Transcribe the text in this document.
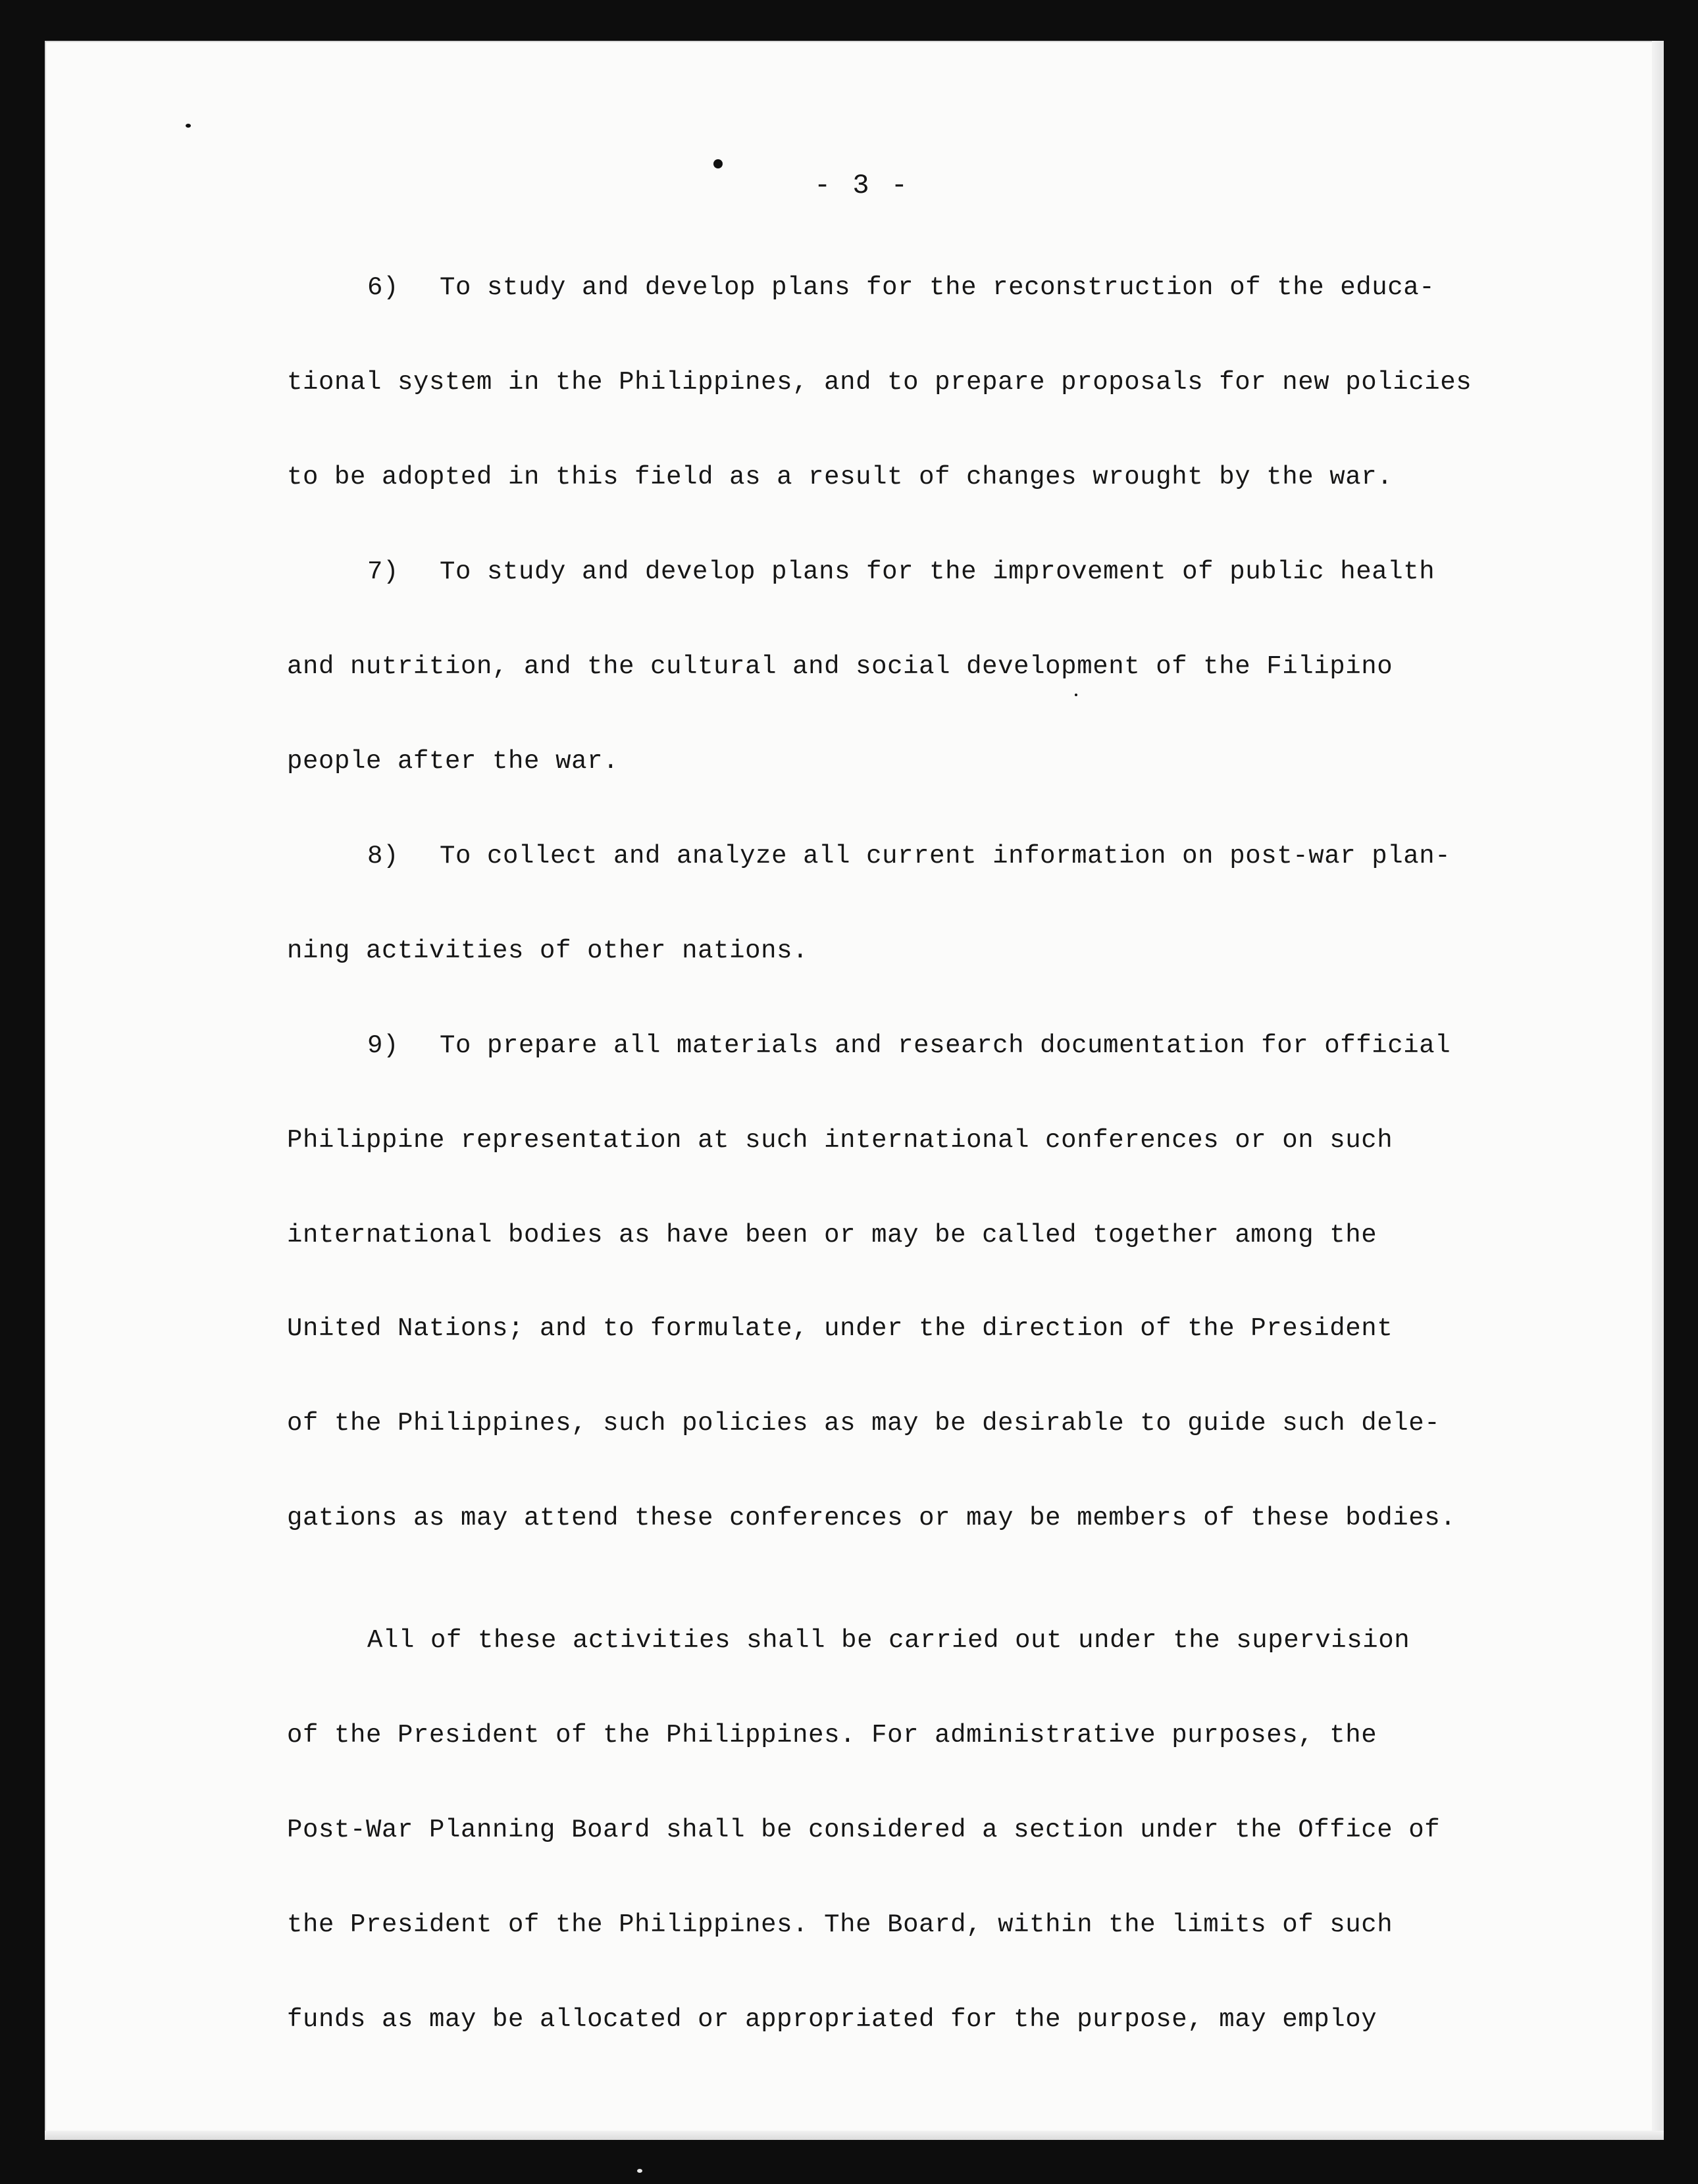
- 3 -
6) To study and develop plans for the reconstruction of the educa-
tional system in the Philippines, and to prepare proposals for new policies
to be adopted in this field as a result of changes wrought by the war.
7) To study and develop plans for the improvement of public health
and nutrition, and the cultural and social development of the Filipino
people after the war.
8) To collect and analyze all current information on post-war plan-
ning activities of other nations.
9) To prepare all materials and research documentation for official
Philippine representation at such international conferences or on such
international bodies as have been or may be called together among the
United Nations; and to formulate, under the direction of the President
of the Philippines, such policies as may be desirable to guide such dele-
gations as may attend these conferences or may be members of these bodies.
All of these activities shall be carried out under the supervision
of the President of the Philippines. For administrative purposes, the
Post-War Planning Board shall be considered a section under the Office of
the President of the Philippines. The Board, within the limits of such
funds as may be allocated or appropriated for the purpose, may employ
